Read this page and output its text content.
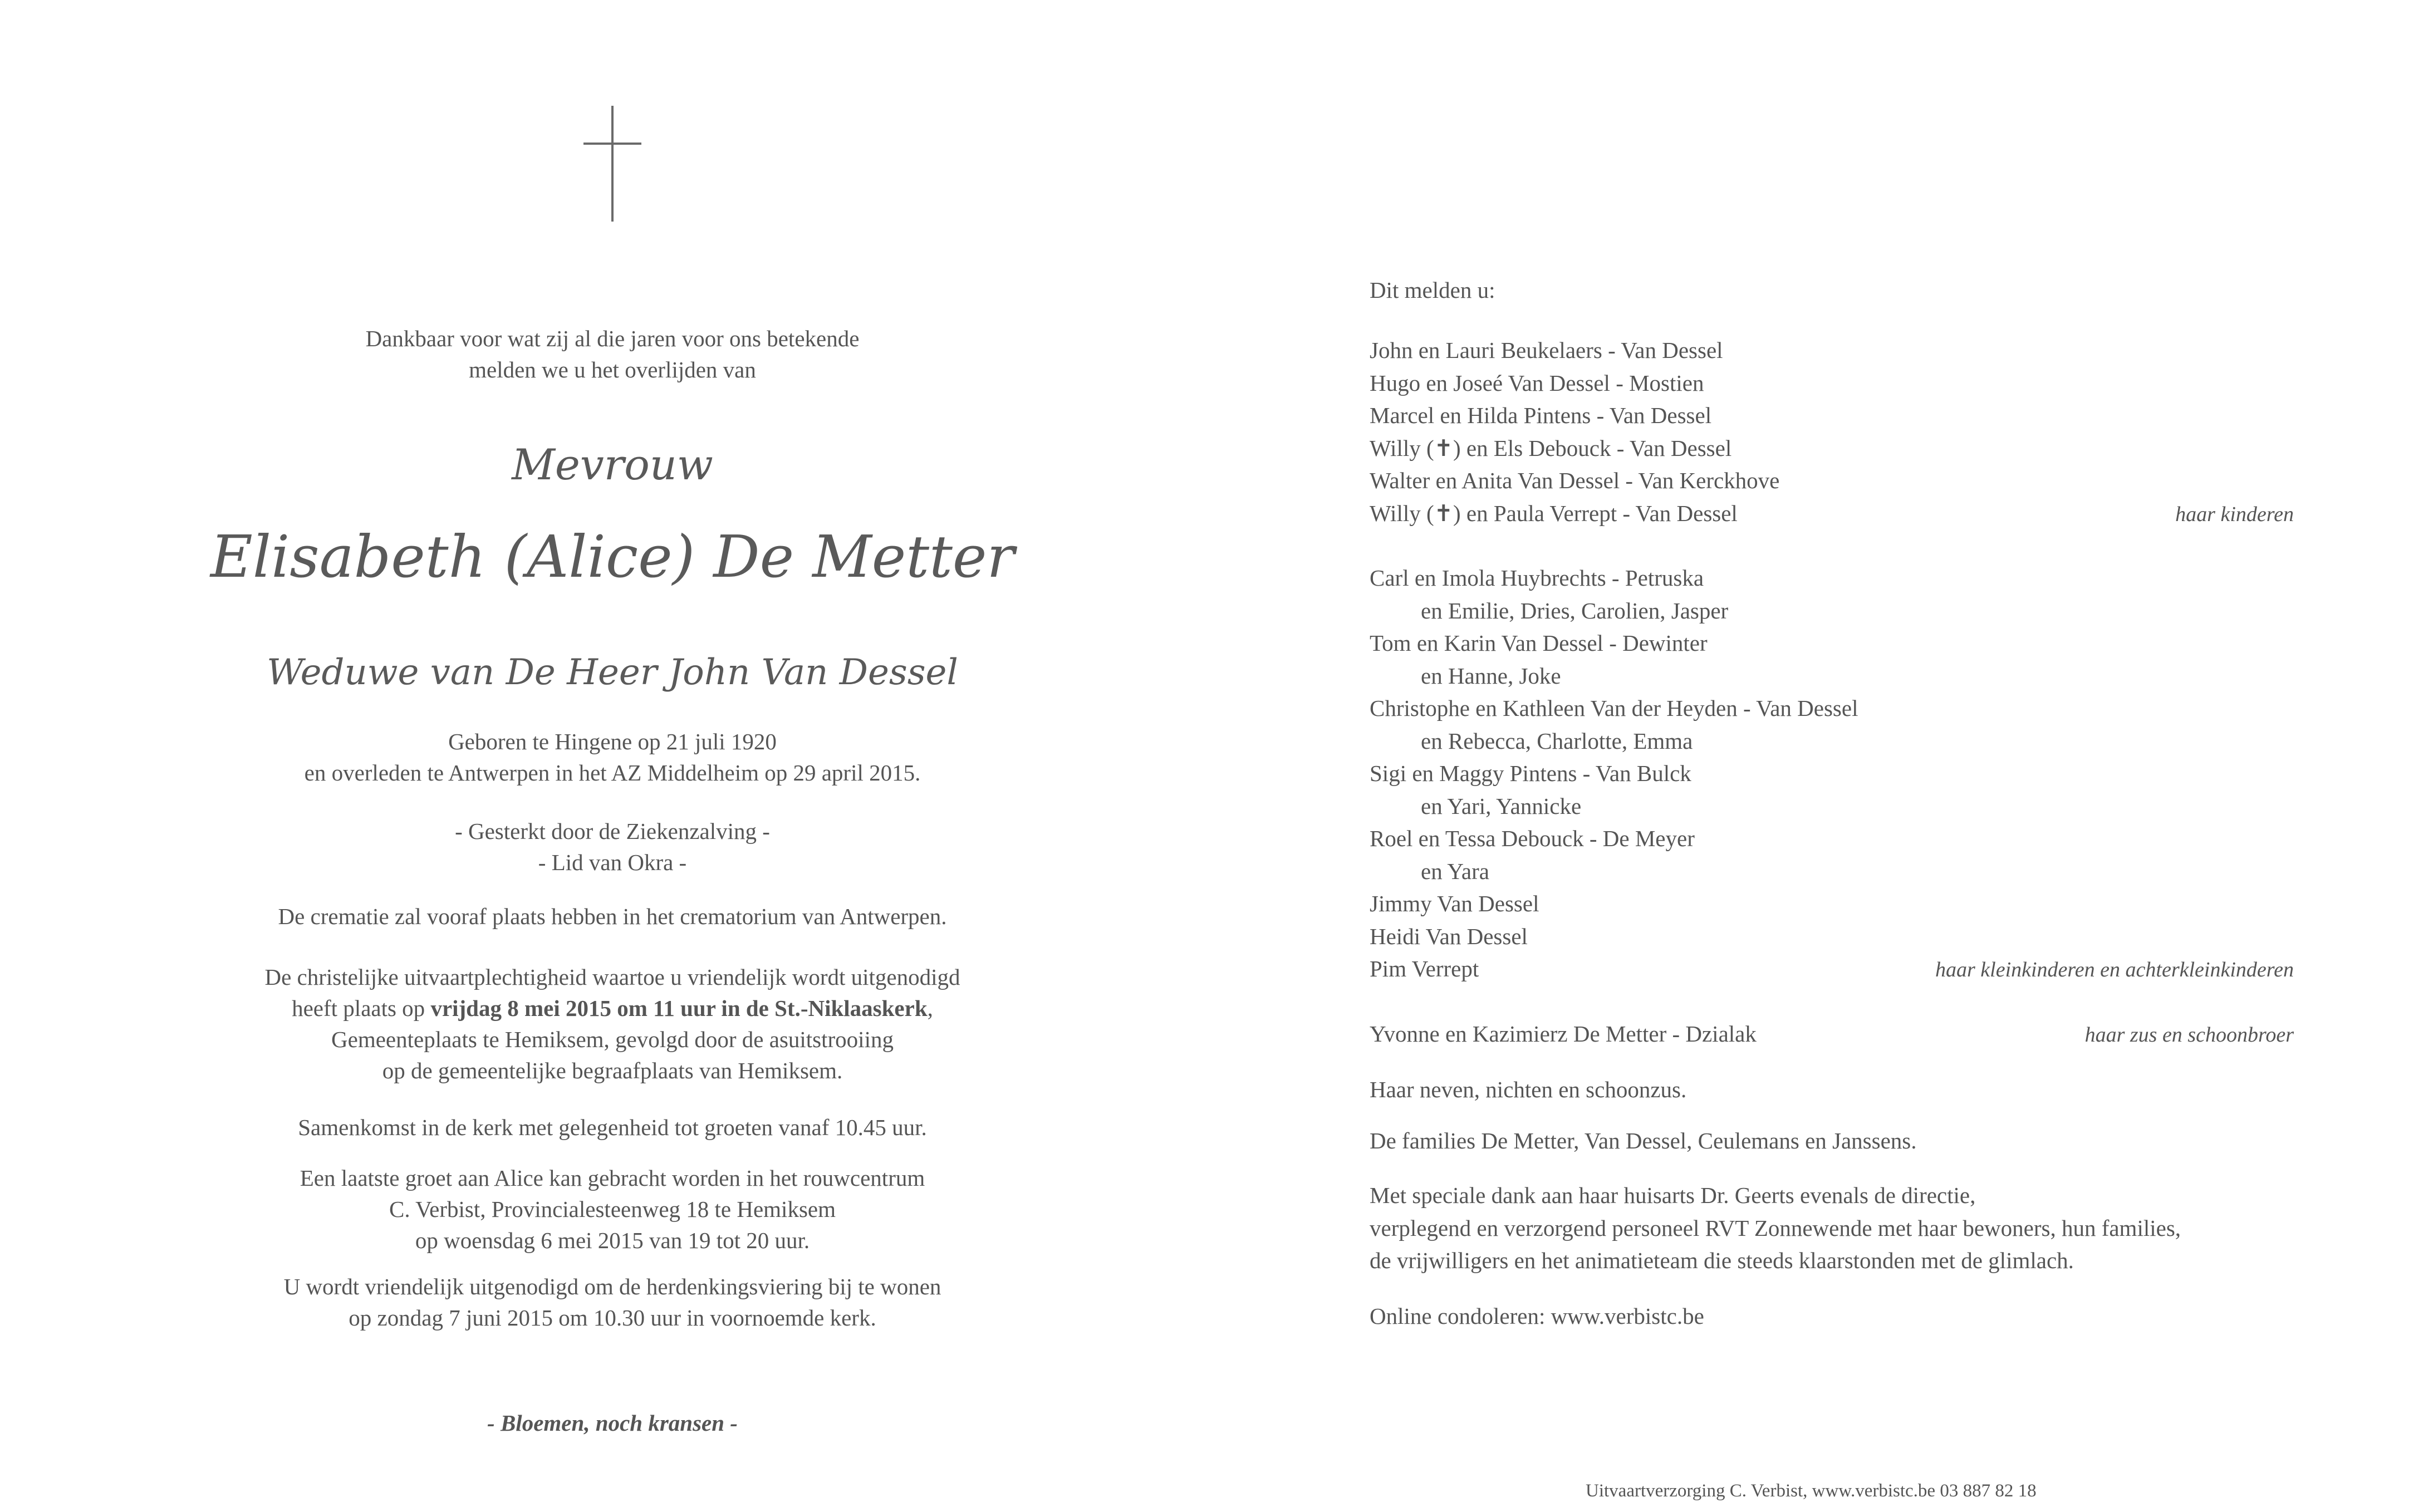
Dankbaar voor wat zij al die jaren voor ons betekende
melden we u het overlijden van
Mevrouw
Elisabeth (Alice) De Metter
Weduwe van De Heer John Van Dessel
Geboren te Hingene op 21 juli 1920
en overleden te Antwerpen in het AZ Middelheim op 29 april 2015.
- Gesterkt door de Ziekenzalving -
- Lid van Okra -
De crematie zal vooraf plaats hebben in het crematorium van Antwerpen.
De christelijke uitvaartplechtigheid waartoe u vriendelijk wordt uitgenodigd
heeft plaats op vrijdag 8 mei 2015 om 11 uur in de St.-Niklaaskerk,
Gemeenteplaats te Hemiksem, gevolgd door de asuitstrooiing
op de gemeentelijke begraafplaats van Hemiksem.
Samenkomst in de kerk met gelegenheid tot groeten vanaf 10.45 uur.
Een laatste groet aan Alice kan gebracht worden in het rouwcentrum
C. Verbist, Provincialesteenweg 18 te Hemiksem
op woensdag 6 mei 2015 van 19 tot 20 uur.
U wordt vriendelijk uitgenodigd om de herdenkingsviering bij te wonen
op zondag 7 juni 2015 om 10.30 uur in voornoemde kerk.
- Bloemen, noch kransen -
Dit melden u:
John en Lauri Beukelaers - Van Dessel
Hugo en Joseé Van Dessel - Mostien
Marcel en Hilda Pintens - Van Dessel
Willy (✝) en Els Debouck - Van Dessel
Walter en Anita Van Dessel - Van Kerckhove
Willy (✝) en Paula Verrept - Van Dessel	haar kinderen
Carl en Imola Huybrechts - Petruska
en Emilie, Dries, Carolien, Jasper
Tom en Karin Van Dessel - Dewinter
en Hanne, Joke
Christophe en Kathleen Van der Heyden - Van Dessel
en Rebecca, Charlotte, Emma
Sigi en Maggy Pintens - Van Bulck
en Yari, Yannicke
Roel en Tessa Debouck - De Meyer
en Yara
Jimmy Van Dessel
Heidi Van Dessel
Pim Verrept	haar kleinkinderen en achterkleinkinderen
Yvonne en Kazimierz De Metter - Dzialak	haar zus en schoonbroer
Haar neven, nichten en schoonzus.
De families De Metter, Van Dessel, Ceulemans en Janssens.
Met speciale dank aan haar huisarts Dr. Geerts evenals de directie,
verplegend en verzorgend personeel RVT Zonnewende met haar bewoners, hun families,
de vrijwilligers en het animatieteam die steeds klaarstonden met de glimlach.
Online condoleren: www.verbistc.be
Uitvaartverzorging C. Verbist, www.verbistc.be 03 887 82 18
